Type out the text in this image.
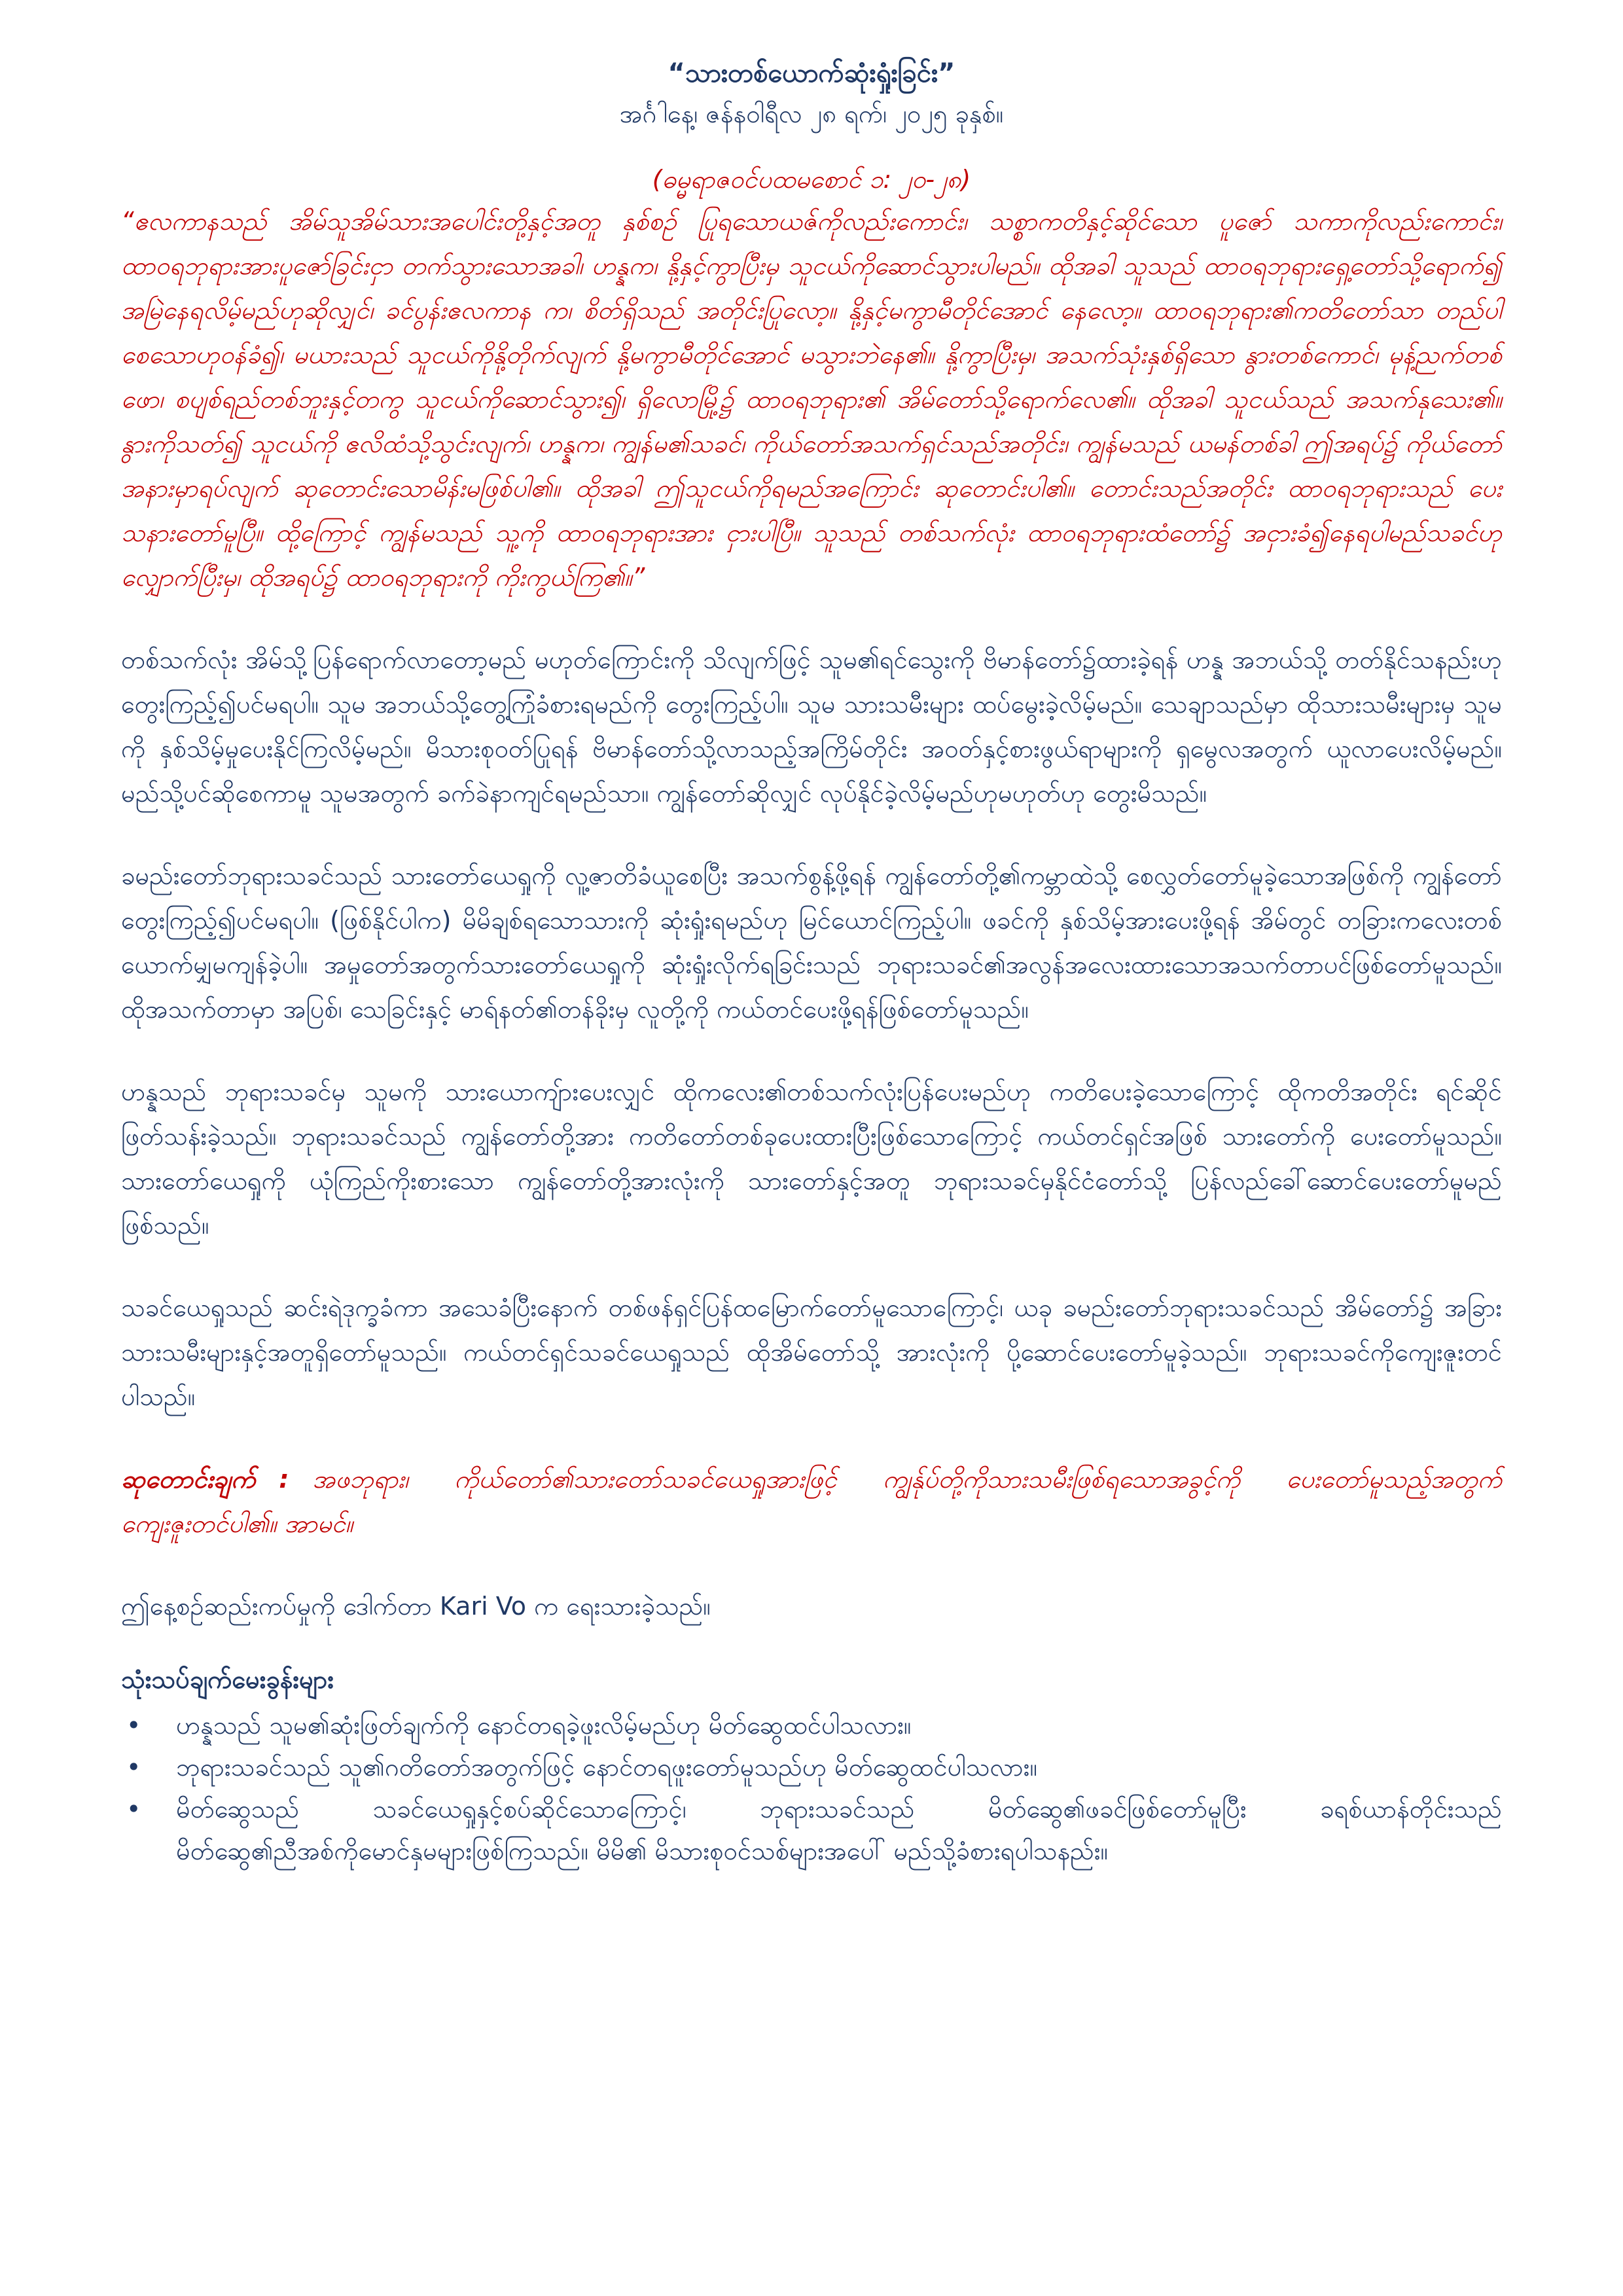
“သားတစ်ယောက်ဆုံးရှုံးခြင်း”

အင်္ဂါနေ့၊ ဇန်နဝါရီလ ၂၈ ရက်၊ ၂၀၂၅ ခုနှစ်။

(ဓမ္မရာဇဝင်ပထမစောင် ၁: ၂၀-၂၈)

“ဧလကာနသည် အိမ်သူအိမ်သားအပေါင်းတို့နှင့်အတူ နှစ်စဉ် ပြုရသောယဇ်ကိုလည်းကောင်း၊ သစ္စာကတိနှင့်ဆိုင်သော ပူဇော် သကာကိုလည်းကောင်း၊ ထာဝရဘုရားအားပူဇော်ခြင်းငှာ တက်သွားသောအခါ၊ ဟန္နက၊ နို့နှင့်ကွာပြီးမှ သူငယ်ကိုဆောင်သွားပါမည်။ ထိုအခါ သူသည် ထာဝရဘုရားရှေ့တော်သို့ရောက်၍ အမြဲနေရလိမ့်မည်ဟုဆိုလျှင်၊ ခင်ပွန်းဧလကာန က၊ စိတ်ရှိသည် အတိုင်းပြုလော့။ နို့နှင့်မကွာမီတိုင်အောင် နေလော့။ ထာဝရဘုရား၏ကတိတော်သာ တည်ပါစေသောဟုဝန်ခံ၍၊ မယားသည် သူငယ်ကိုနို့တိုက်လျက် နို့မကွာမီတိုင်အောင် မသွားဘဲနေ၏။ နို့ကွာပြီးမှ၊ အသက်သုံးနှစ်ရှိသော နွားတစ်ကောင်၊ မုန့်ညက်တစ်ဖော၊ စပျစ်ရည်တစ်ဘူးနှင့်တကွ သူငယ်ကိုဆောင်သွား၍၊ ရှိလောမြို့၌ ထာဝရဘုရား၏ အိမ်တော်သို့ရောက်လေ၏။ ထိုအခါ သူငယ်သည် အသက်နုသေး၏။ နွားကိုသတ်၍ သူငယ်ကို ဧလိထံသို့သွင်းလျက်၊ ဟန္နက၊ ကျွန်မ၏သခင်၊ ကိုယ်တော်အသက်ရှင်သည်အတိုင်း၊ ကျွန်မသည် ယမန်တစ်ခါ ဤအရပ်၌ ကိုယ်တော်အနားမှာရပ်လျက် ဆုတောင်းသောမိန်းမဖြစ်ပါ၏။ ထိုအခါ ဤသူငယ်ကိုရမည်အကြောင်း ဆုတောင်းပါ၏။ တောင်းသည်အတိုင်း ထာဝရဘုရားသည် ပေးသနားတော်မူပြီ။ ထို့ကြောင့် ကျွန်မသည် သူ့ကို ထာဝရဘုရားအား ငှားပါပြီ။ သူသည် တစ်သက်လုံး ထာဝရဘုရားထံတော်၌ အငှားခံ၍နေရပါမည်သခင်ဟု လျှောက်ပြီးမှ၊ ထိုအရပ်၌ ထာဝရဘုရားကို ကိုးကွယ်ကြ၏။”

တစ်သက်လုံး အိမ်သို့ပြန်ရောက်လာတော့မည် မဟုတ်ကြောင်းကို သိလျက်ဖြင့် သူမ၏ရင်သွေးကို ဗိမာန်တော်၌ထားခဲ့ရန် ဟန္န အဘယ်သို့ တတ်နိုင်သနည်းဟု တွေးကြည့်၍ပင်မရပါ။ သူမ အဘယ်သို့တွေ့ကြုံခံစားရမည်ကို တွေးကြည့်ပါ။ သူမ သားသမီးများ ထပ်မွေးခဲ့လိမ့်မည်။ သေချာသည်မှာ ထိုသားသမီးများမှ သူမကို နှစ်သိမ့်မှုပေးနိုင်ကြလိမ့်မည်။ မိသားစုဝတ်ပြုရန် ဗိမာန်တော်သို့လာသည့်အကြိမ်တိုင်း အဝတ်နှင့်စားဖွယ်ရာများကို ရှမွေလအတွက် ယူလာပေးလိမ့်မည်။ မည်သို့ပင်ဆိုစေကာမူ သူမအတွက် ခက်ခဲနာကျင်ရမည်သာ။ ကျွန်တော်ဆိုလျှင် လုပ်နိုင်ခဲ့လိမ့်မည်ဟုမဟုတ်ဟု တွေးမိသည်။

ခမည်းတော်ဘုရားသခင်သည် သားတော်ယေရှုကို လူ့ဇာတိခံယူစေပြီး အသက်စွန့်ဖို့ရန် ကျွန်တော်တို့၏ကမ္ဘာထဲသို့ စေလွှတ်တော်မူခဲ့သောအဖြစ်ကို ကျွန်တော်တွေးကြည့်၍ပင်မရပါ။ (ဖြစ်နိုင်ပါက) မိမိချစ်ရသောသားကို ဆုံးရှုံးရမည်ဟု မြင်ယောင်ကြည့်ပါ။ ဖခင်ကို နှစ်သိမ့်အားပေးဖို့ရန် အိမ်တွင် တခြားကလေးတစ်ယောက်မျှမကျန်ခဲ့ပါ။ အမှုတော်အတွက်သားတော်ယေရှုကို ဆုံးရှုံးလိုက်ရခြင်းသည် ဘုရားသခင်၏အလွန်အလေးထားသောအသက်တာပင်ဖြစ်တော်မူသည်။ ထိုအသက်တာမှာ အပြစ်၊ သေခြင်းနှင့် မာရ်နတ်၏တန်ခိုးမှ လူတို့ကို ကယ်တင်ပေးဖို့ရန်ဖြစ်တော်မူသည်။

ဟန္နသည် ဘုရားသခင်မှ သူမကို သားယောကျ်ားပေးလျှင် ထိုကလေး၏တစ်သက်လုံးပြန်ပေးမည်ဟု ကတိပေးခဲ့သောကြောင့် ထိုကတိအတိုင်း ရင်ဆိုင်ဖြတ်သန်းခဲ့သည်။ ဘုရားသခင်သည် ကျွန်တော်တို့အား ကတိတော်တစ်ခုပေးထားပြီးဖြစ်သောကြောင့် ကယ်တင်ရှင်အဖြစ် သားတော်ကို ပေးတော်မူသည်။ သားတော်ယေရှုကို ယုံကြည်ကိုးစားသော ကျွန်တော်တို့အားလုံးကို သားတော်နှင့်အတူ ဘုရားသခင်မှနိုင်ငံတော်သို့ ပြန်လည်ခေါ်ဆောင်ပေးတော်မူမည်ဖြစ်သည်။

သခင်ယေရှုသည် ဆင်းရဲဒုက္ခခံကာ အသေခံပြီးနောက် တစ်ဖန်ရှင်ပြန်ထမြောက်တော်မူသောကြောင့်၊ ယခု ခမည်းတော်ဘုရားသခင်သည် အိမ်တော်၌ အခြားသားသမီးများနှင့်အတူရှိတော်မူသည်။ ကယ်တင်ရှင်သခင်ယေရှုသည် ထိုအိမ်တော်သို့ အားလုံးကို ပို့ဆောင်ပေးတော်မူခဲ့သည်။ ဘုရားသခင်ကိုကျေးဇူးတင်ပါသည်။

ဆုတောင်းချက် : အဖဘုရား၊ ကိုယ်တော်၏သားတော်သခင်ယေရှုအားဖြင့် ကျွန်ုပ်တို့ကိုသားသမီးဖြစ်ရသောအခွင့်ကို ပေးတော်မူသည့်အတွက် ကျေးဇူးတင်ပါ၏။ အာမင်။

ဤနေ့စဉ်ဆည်းကပ်မှုကို ဒေါက်တာ Kari Vo က ရေးသားခဲ့သည်။

သုံးသပ်ချက်မေးခွန်းများ

• ဟန္နသည် သူမ၏ဆုံးဖြတ်ချက်ကို နောင်တရခဲ့ဖူးလိမ့်မည်ဟု မိတ်ဆွေထင်ပါသလား။
• ဘုရားသခင်သည် သူ၏ဂတိတော်အတွက်ဖြင့် နောင်တရဖူးတော်မူသည်ဟု မိတ်ဆွေထင်ပါသလား။
• မိတ်ဆွေသည် သခင်ယေရှုနှင့်စပ်ဆိုင်သောကြောင့်၊ ဘုရားသခင်သည် မိတ်ဆွေ၏ဖခင်ဖြစ်တော်မူပြီး ခရစ်ယာန်တိုင်းသည် မိတ်ဆွေ၏ညီအစ်ကိုမောင်နှမများဖြစ်ကြသည်။ မိမိ၏ မိသားစုဝင်သစ်များအပေါ် မည်သို့ခံစားရပါသနည်း။
